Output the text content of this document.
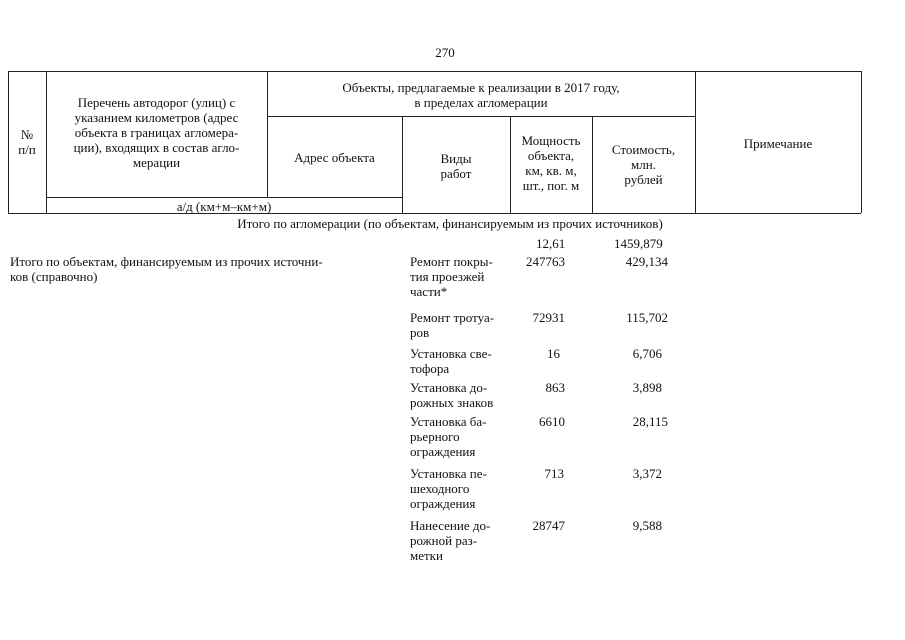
270
№
п/п
Перечень автодорог (улиц) с
указанием километров (адрес
объекта в границах агломера-
ции), входящих в состав агло-
мерации
а/д (км+м–км+м)
Объекты, предлагаемые к реализации в 2017 году,
в пределах агломерации
Адрес объекта	Виды
работ
Мощность
объекта,
км, кв. м,
шт., пог. м
Стоимость,
млн.
рублей
Примечание
Итого по агломерации (по объектам, финансируемым из прочих источников)
12,61	1459,879
Итого по объектам, финансируемым из прочих источни-
ков (справочно)
Ремонт покры-
тия проезжей
части*
Ремонт тротуа-
ров
Установка све-
тофора
Установка до-
рожных знаков
Установка ба-
рьерного
ограждения
Установка пе-
шеходного
ограждения
Нанесение до-
рожной раз-
метки
247763
72931
16
863
6610
713
28747
429,134
115,702
6,706
3,898
28,115
3,372
9,588
